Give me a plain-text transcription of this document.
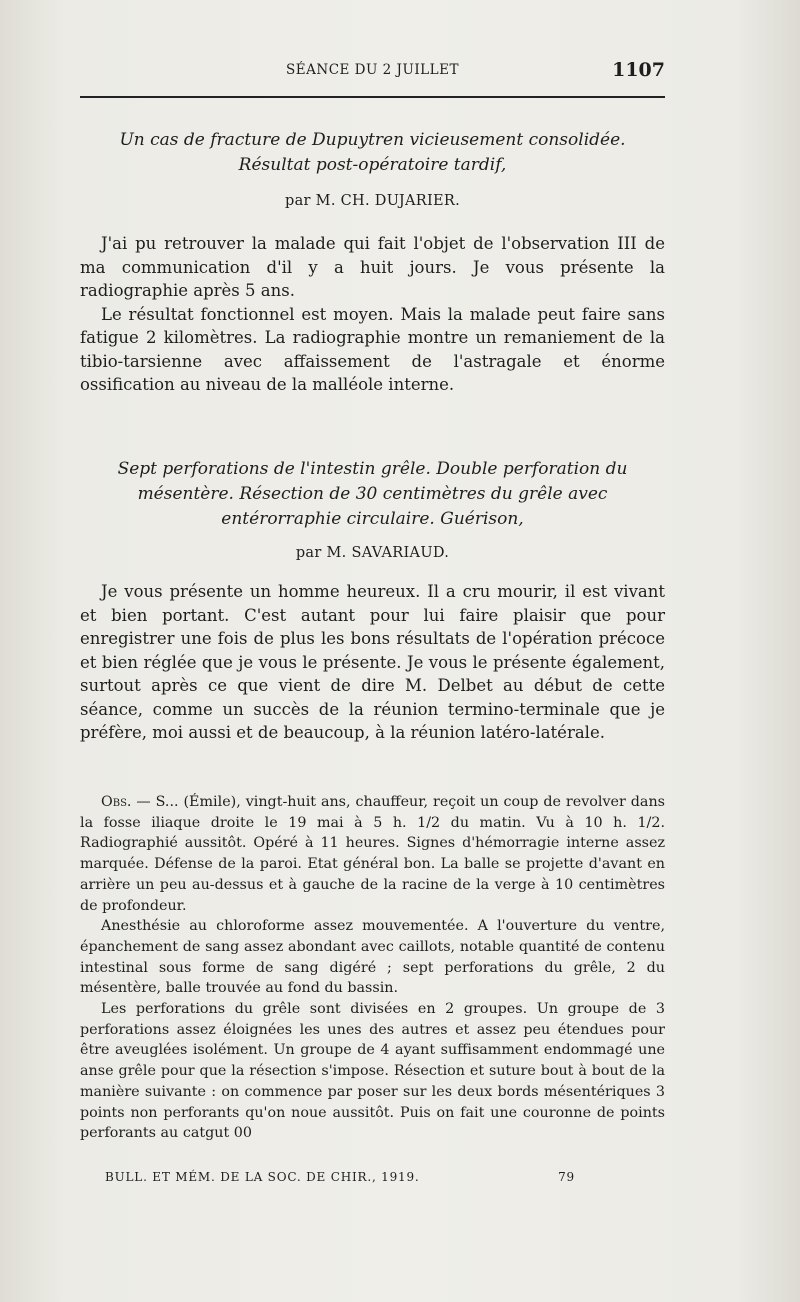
SÉANCE DU 2 JUILLET	1107
Un cas de fracture de Dupuytren vicieusement consolidée.
Résultat post-opératoire tardif,
par M. CH. DUJARIER.

J'ai pu retrouver la malade qui fait l'objet de l'observation III de ma communication d'il y a huit jours. Je vous présente la radiographie après 5 ans.

Le résultat fonctionnel est moyen. Mais la malade peut faire sans fatigue 2 kilomètres. La radiographie montre un remaniement de la tibio-tarsienne avec affaissement de l'astragale et énorme ossification au niveau de la malléole interne.

Sept perforations de l'intestin grêle. Double perforation du
mésentère. Résection de 30 centimètres du grêle avec
entérorraphie circulaire. Guérison,
par M. SAVARIAUD.

Je vous présente un homme heureux. Il a cru mourir, il est vivant et bien portant. C'est autant pour lui faire plaisir que pour enregistrer une fois de plus les bons résultats de l'opération précoce et bien réglée que je vous le présente. Je vous le présente également, surtout après ce que vient de dire M. Delbet au début de cette séance, comme un succès de la réunion termino-terminale que je préfère, moi aussi et de beaucoup, à la réunion latéro-latérale.

Obs. — S... (Émile), vingt-huit ans, chauffeur, reçoit un coup de revolver dans la fosse iliaque droite le 19 mai à 5 h. 1/2 du matin. Vu à 10 h. 1/2. Radiographié aussitôt. Opéré à 11 heures. Signes d'hémorragie interne assez marquée. Défense de la paroi. Etat général bon. La balle se projette d'avant en arrière un peu au-dessus et à gauche de la racine de la verge à 10 centimètres de profondeur.

Anesthésie au chloroforme assez mouvementée. A l'ouverture du ventre, épanchement de sang assez abondant avec caillots, notable quantité de contenu intestinal sous forme de sang digéré ; sept perforations du grêle, 2 du mésentère, balle trouvée au fond du bassin.

Les perforations du grêle sont divisées en 2 groupes. Un groupe de 3 perforations assez éloignées les unes des autres et assez peu étendues pour être aveuglées isolément. Un groupe de 4 ayant suffisamment endommagé une anse grêle pour que la résection s'impose. Résection et suture bout à bout de la manière suivante : on commence par poser sur les deux bords mésentériques 3 points non perforants qu'on noue aussitôt. Puis on fait une couronne de points perforants au catgut 00

BULL. ET MÉM. DE LA SOC. DE CHIR., 1919.	79
